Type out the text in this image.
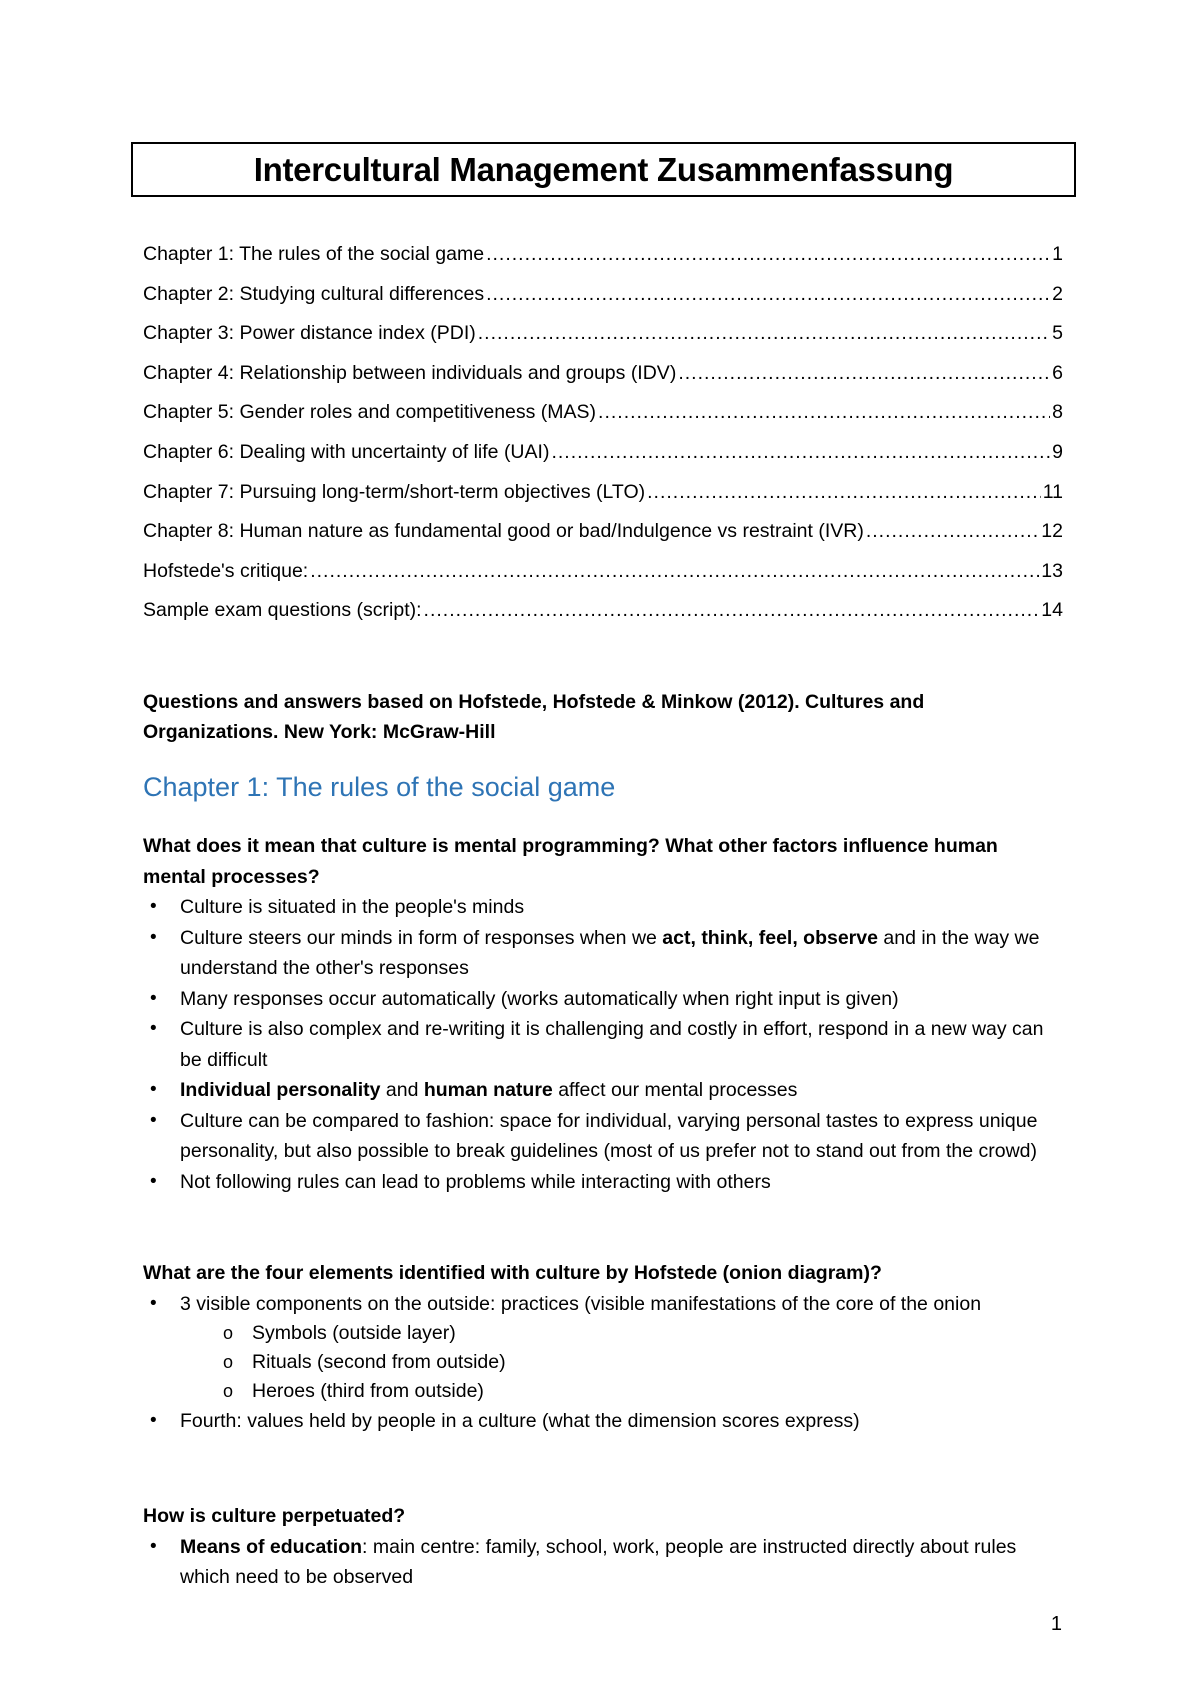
Intercultural Management Zusammenfassung
Chapter 1: The rules of the social game .....	1
Chapter 2: Studying cultural differences .....	2
Chapter 3: Power distance index (PDI) .....	5
Chapter 4: Relationship between individuals and groups (IDV) .....	6
Chapter 5: Gender roles and competitiveness (MAS) .....	8
Chapter 6: Dealing with uncertainty of life (UAI) .....	9
Chapter 7: Pursuing long-term/short-term objectives (LTO) .....	11
Chapter 8: Human nature as fundamental good or bad/Indulgence vs restraint (IVR) .....	12
Hofstede's critique: .....	13
Sample exam questions (script): .....	14
Questions and answers based on Hofstede, Hofstede & Minkow (2012). Cultures and Organizations. New York: McGraw-Hill
Chapter 1: The rules of the social game
What does it mean that culture is mental programming? What other factors influence human mental processes?
• Culture is situated in the people's minds
• Culture steers our minds in form of responses when we act, think, feel, observe and in the way we understand the other's responses
• Many responses occur automatically (works automatically when right input is given)
• Culture is also complex and re-writing it is challenging and costly in effort, respond in a new way can be difficult
• Individual personality and human nature affect our mental processes
• Culture can be compared to fashion: space for individual, varying personal tastes to express unique personality, but also possible to break guidelines (most of us prefer not to stand out from the crowd)
• Not following rules can lead to problems while interacting with others
What are the four elements identified with culture by Hofstede (onion diagram)?
• 3 visible components on the outside: practices (visible manifestations of the core of the onion
o Symbols (outside layer)
o Rituals (second from outside)
o Heroes (third from outside)
• Fourth: values held by people in a culture (what the dimension scores express)
How is culture perpetuated?
• Means of education: main centre: family, school, work, people are instructed directly about rules which need to be observed
1
